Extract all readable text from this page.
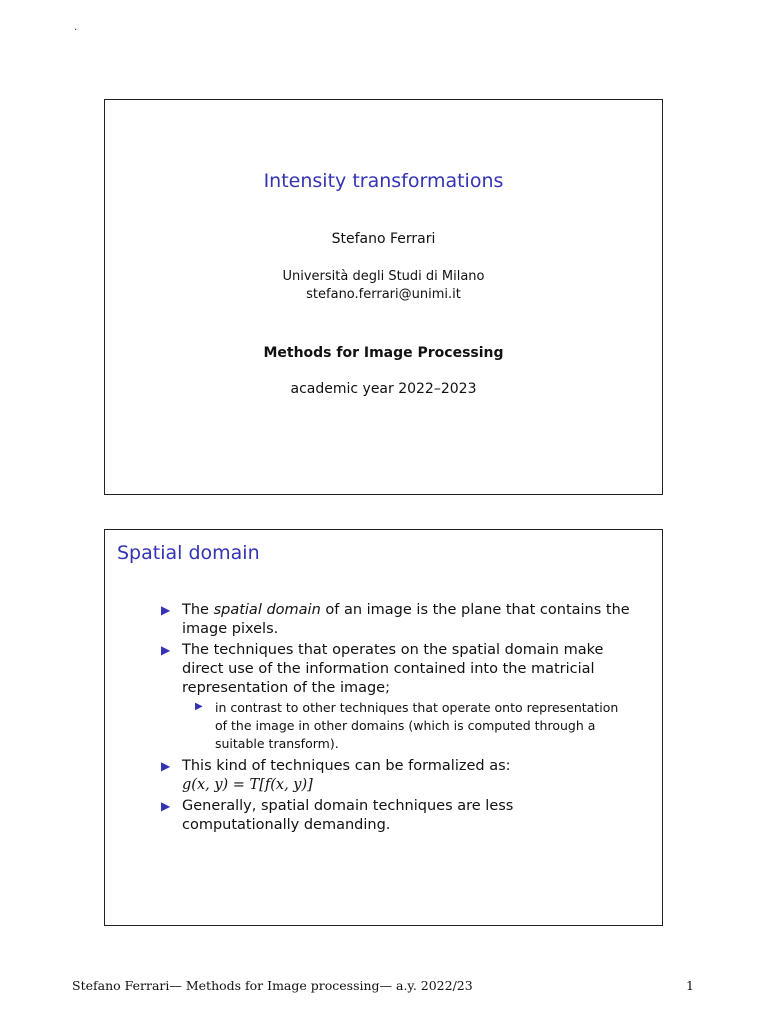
.
Intensity transformations
Stefano Ferrari
Università degli Studi di Milano
stefano.ferrari@unimi.it
Methods for Image Processing
academic year 2022–2023
Spatial domain
▶ The spatial domain of an image is the plane that contains the image pixels.
▶ The techniques that operates on the spatial domain make direct use of the information contained into the matricial representation of the image;
▶ in contrast to other techniques that operate onto representation of the image in other domains (which is computed through a suitable transform).
▶ This kind of techniques can be formalized as:
g(x, y) = T[f(x, y)]
▶ Generally, spatial domain techniques are less computationally demanding.
Stefano Ferrari— Methods for Image processing— a.y. 2022/23	1
